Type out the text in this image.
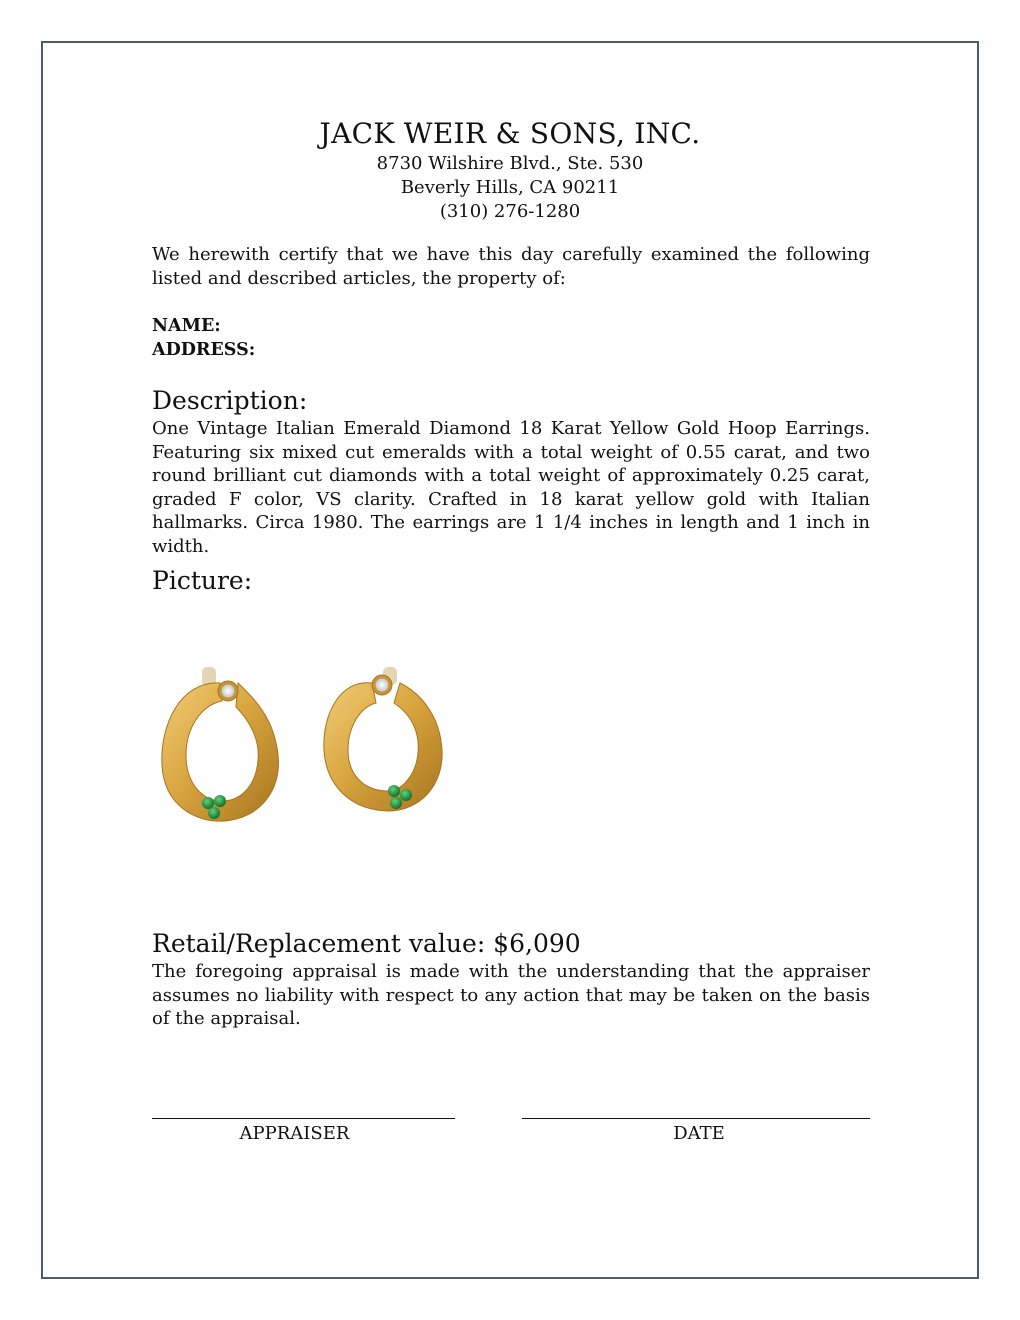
JACK WEIR & SONS, INC.
8730 Wilshire Blvd., Ste. 530
Beverly Hills, CA 90211
(310) 276-1280

We herewith certify that we have this day carefully examined the following listed and described articles, the property of:

NAME:
ADDRESS:
Description:

One Vintage Italian Emerald Diamond 18 Karat Yellow Gold Hoop Earrings. Featuring six mixed cut emeralds with a total weight of 0.55 carat, and two round brilliant cut diamonds with a total weight of approximately 0.25 carat, graded F color, VS clarity. Crafted in 18 karat yellow gold with Italian hallmarks. Circa 1980. The earrings are 1 1/4 inches in length and 1 inch in width.

Picture:
Retail/Replacement value: $6,090

The foregoing appraisal is made with the understanding that the appraiser assumes no liability with respect to any action that may be taken on the basis of the appraisal.

APPRAISER	DATE
